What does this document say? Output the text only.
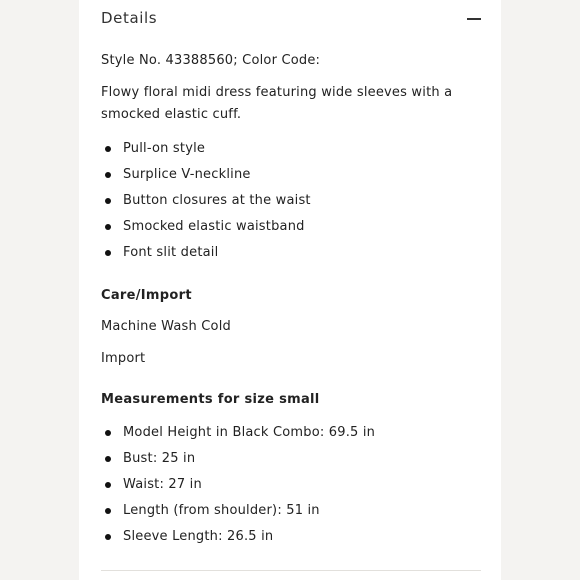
Details
Style No. 43388560; Color Code:
Flowy floral midi dress featuring wide sleeves with a smocked elastic cuff.
Pull-on style
Surplice V-neckline
Button closures at the waist
Smocked elastic waistband
Font slit detail
Care/Import
Machine Wash Cold
Import
Measurements for size small
Model Height in Black Combo: 69.5 in
Bust: 25 in
Waist: 27 in
Length (from shoulder): 51 in
Sleeve Length: 26.5 in
